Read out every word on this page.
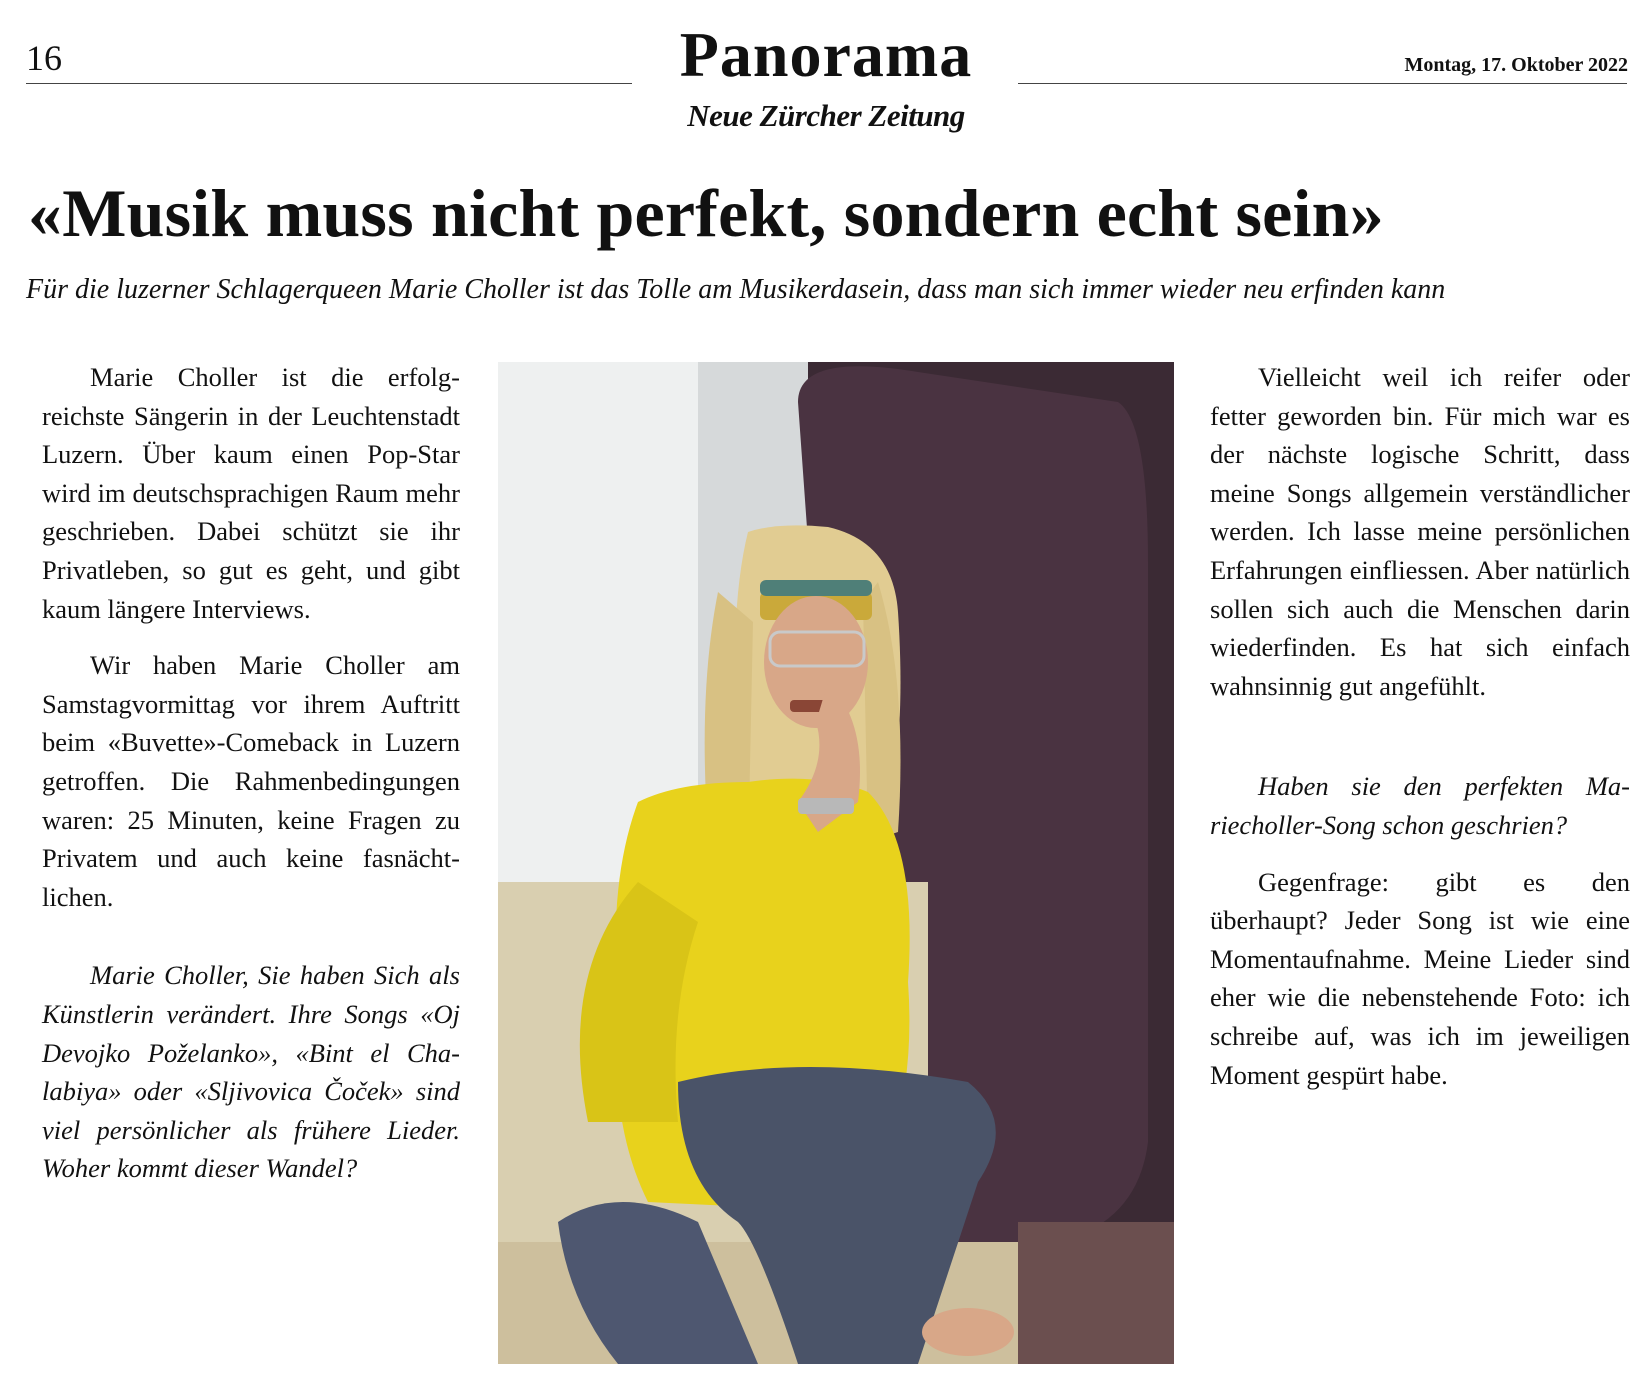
16	Panorama	Montag, 17. Oktober 2022
Neue Zürcher Zeitung
«Musik muss nicht perfekt, sondern echt sein»
Für die luzerner Schlagerqueen Marie Choller ist das Tolle am Musikerdasein, dass man sich immer wieder neu erfinden kann

Marie Choller ist die erfolgreichste Sängerin in der Leuchtenstadt Luzern. Über kaum einen Pop-Star wird im deutschsprachigen Raum mehr geschrieben. Dabei schützt sie ihr Privatleben, so gut es geht, und gibt kaum längere Interviews.

Wir haben Marie Choller am Samstagvormittag vor ihrem Auftritt beim «Buvette»-Comeback in Luzern getroffen. Die Rahmenbedingungen waren: 25 Minuten, keine Fragen zu Privatem und auch keine fasnächtlichen.

Marie Choller, Sie haben Sich als Künstlerin verändert. Ihre Songs «Oj Devojko Poželanko», «Bint el Chalabiya» oder «Sljivovica Čoček» sind viel persönlicher als frühere Lieder. Woher kommt dieser Wandel?

Vielleicht weil ich reifer oder fetter geworden bin. Für mich war es der nächste logische Schritt, dass meine Songs allgemein verständlicher werden. Ich lasse meine persönlichen Erfahrungen einfliessen. Aber natürlich sollen sich auch die Menschen darin wiederfinden. Es hat sich einfach wahnsinnig gut angefühlt.

Haben sie den perfekten Mariecholler-Song schon geschrien?

Gegenfrage: gibt es den überhaupt? Jeder Song ist wie eine Momentaufnahme. Meine Lieder sind eher wie die nebenstehende Foto: ich schreibe auf, was ich im jeweiligen Moment gespürt habe.
